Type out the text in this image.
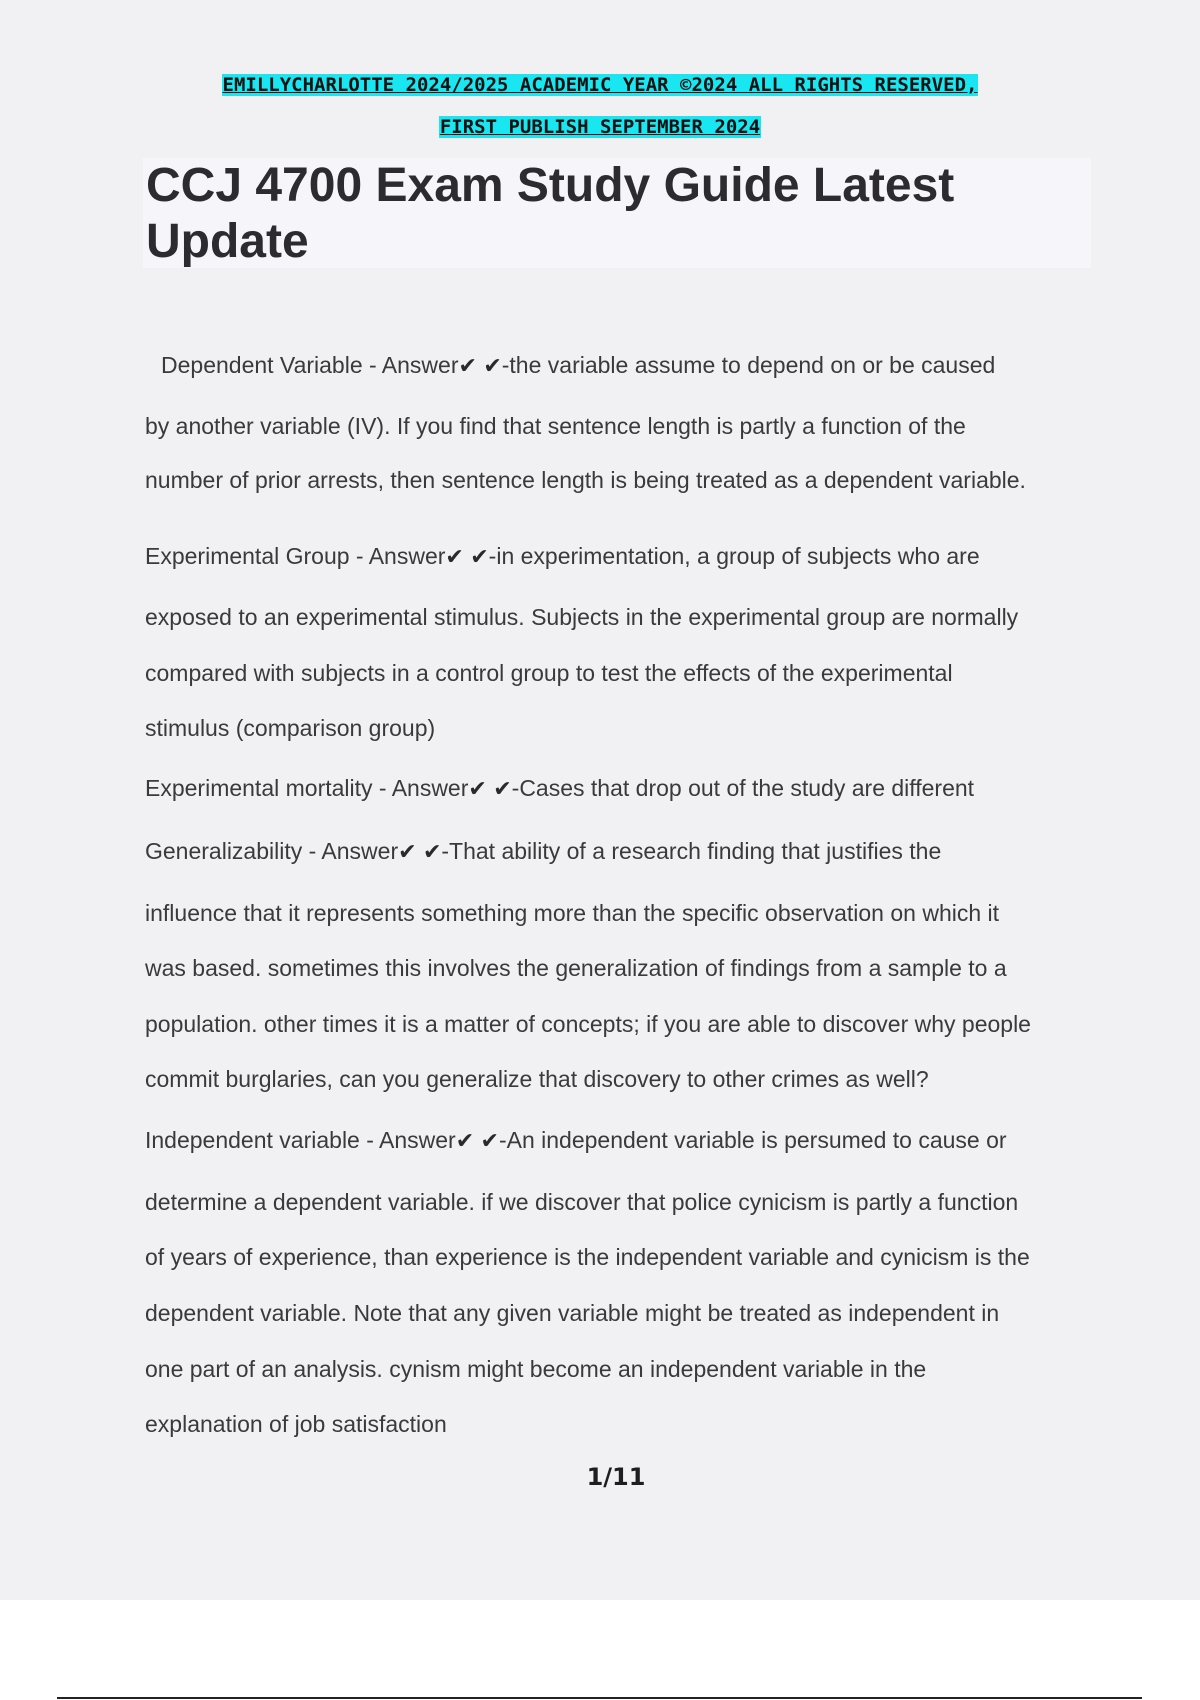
EMILLYCHARLOTTE 2024/2025 ACADEMIC YEAR ©2024 ALL RIGHTS RESERVED,
FIRST PUBLISH SEPTEMBER 2024
CCJ 4700 Exam Study Guide Latest Update
Dependent Variable - Answer✔ ✔-the variable assume to depend on or be caused
by another variable (IV). If you find that sentence length is partly a function of the
number of prior arrests, then sentence length is being treated as a dependent variable.
Experimental Group - Answer✔ ✔-in experimentation, a group of subjects who are
exposed to an experimental stimulus. Subjects in the experimental group are normally
compared with subjects in a control group to test the effects of the experimental
stimulus (comparison group)
Experimental mortality - Answer✔ ✔-Cases that drop out of the study are different
Generalizability - Answer✔ ✔-That ability of a research finding that justifies the
influence that it represents something more than the specific observation on which it
was based. sometimes this involves the generalization of findings from a sample to a
population. other times it is a matter of concepts; if you are able to discover why people
commit burglaries, can you generalize that discovery to other crimes as well?
Independent variable - Answer✔ ✔-An independent variable is persumed to cause or
determine a dependent variable. if we discover that police cynicism is partly a function
of years of experience, than experience is the independent variable and cynicism is the
dependent variable. Note that any given variable might be treated as independent in
one part of an analysis. cynism might become an independent variable in the
explanation of job satisfaction
1/11
